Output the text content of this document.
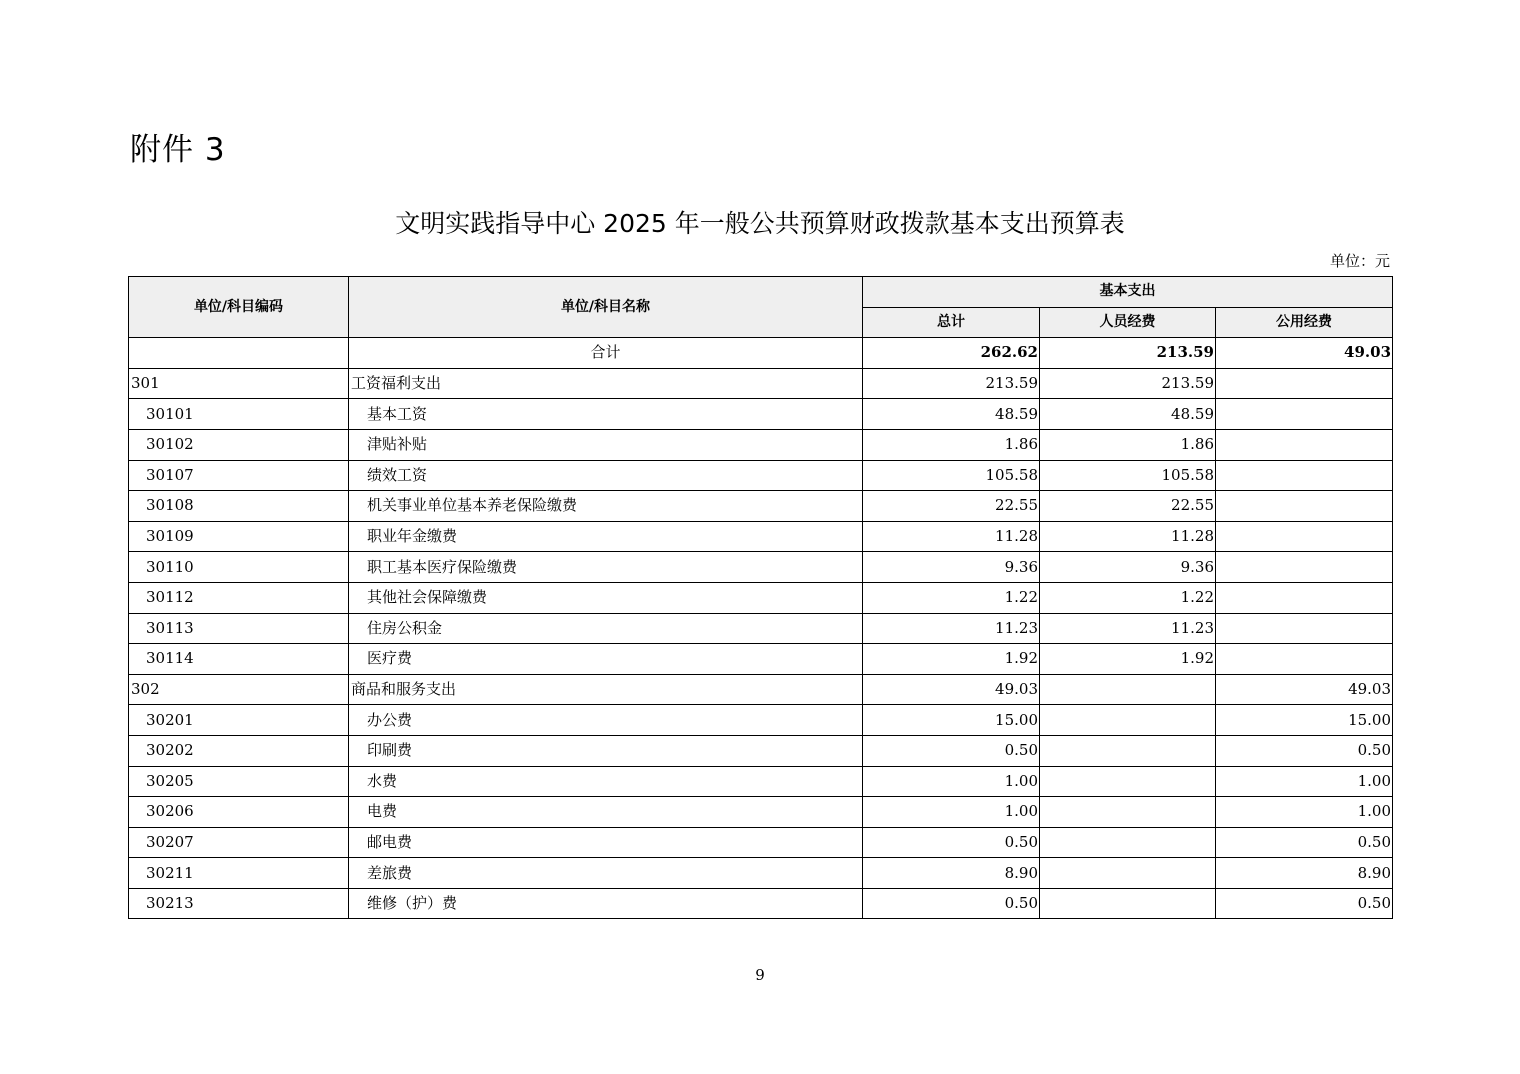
附件 3
文明实践指导中心 2025 年一般公共预算财政拨款基本支出预算表
单位：元
单位/科目编码	单位/科目名称	基本支出		
		总计	人员经费	公用经费
	合计	262.62	213.59	49.03
301	工资福利支出	213.59	213.59	
30101	基本工资	48.59	48.59	
30102	津贴补贴	1.86	1.86	
30107	绩效工资	105.58	105.58	
30108	机关事业单位基本养老保险缴费	22.55	22.55	
30109	职业年金缴费	11.28	11.28	
30110	职工基本医疗保险缴费	9.36	9.36	
30112	其他社会保障缴费	1.22	1.22	
30113	住房公积金	11.23	11.23	
30114	医疗费	1.92	1.92	
302	商品和服务支出	49.03		49.03
30201	办公费	15.00		15.00
30202	印刷费	0.50		0.50
30205	水费	1.00		1.00
30206	电费	1.00		1.00
30207	邮电费	0.50		0.50
30211	差旅费	8.90		8.90
30213	维修（护）费	0.50		0.50
9
